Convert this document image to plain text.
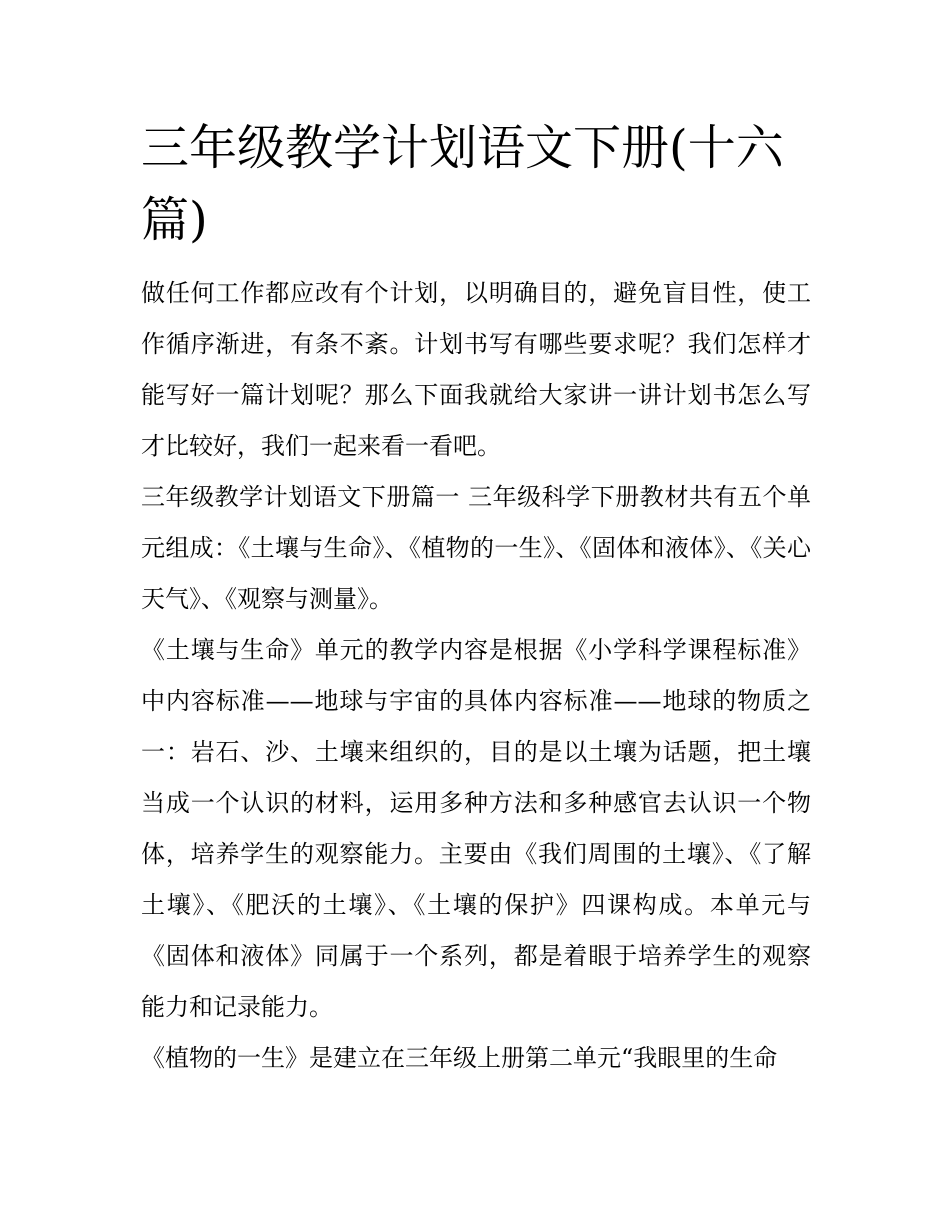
三年级教学计划语文下册(十六篇)

做任何工作都应改有个计划，以明确目的，避免盲目性，使工作循序渐进，有条不紊。计划书写有哪些要求呢？我们怎样才能写好一篇计划呢？那么下面我就给大家讲一讲计划书怎么写才比较好，我们一起来看一看吧。

三年级教学计划语文下册篇一 三年级科学下册教材共有五个单元组成：《土壤与生命》、《植物的一生》、《固体和液体》、《关心天气》、《观察与测量》。

《土壤与生命》单元的教学内容是根据《小学科学课程标准》中内容标准——地球与宇宙的具体内容标准——地球的物质之一：岩石、沙、土壤来组织的，目的是以土壤为话题，把土壤当成一个认识的材料，运用多种方法和多种感官去认识一个物体，培养学生的观察能力。主要由《我们周围的土壤》、《了解土壤》、《肥沃的土壤》、《土壤的保护》四课构成。本单元与《固体和液体》同属于一个系列，都是着眼于培养学生的观察能力和记录能力。

《植物的一生》是建立在三年级上册第二单元“我眼里的生命
